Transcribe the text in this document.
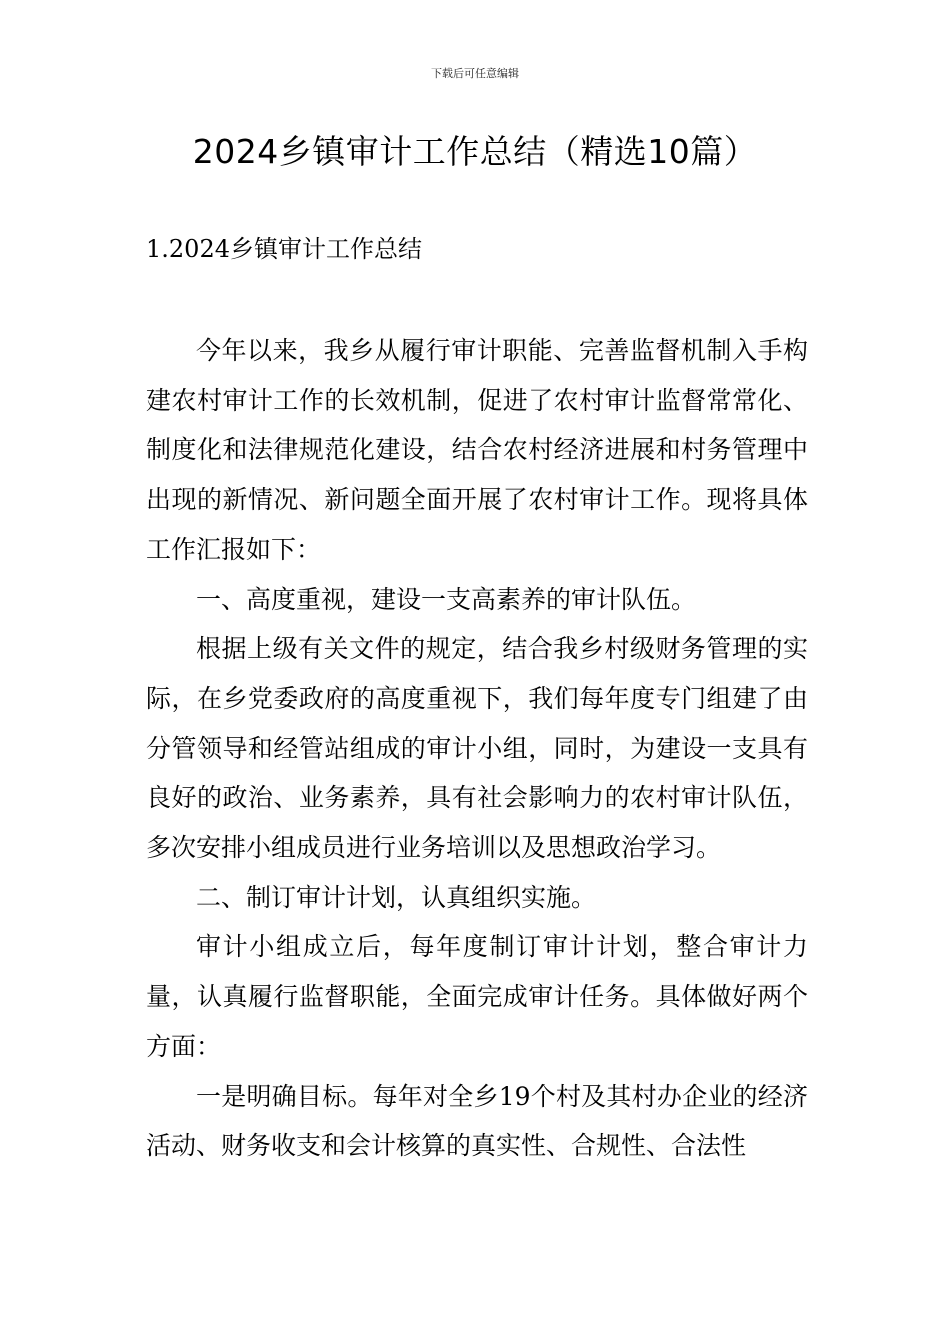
下载后可任意编辑
2024乡镇审计工作总结（精选10篇）
1.2024乡镇审计工作总结

今年以来，我乡从履行审计职能、完善监督机制入手构建农村审计工作的长效机制，促进了农村审计监督常常化、制度化和法律规范化建设，结合农村经济进展和村务管理中出现的新情况、新问题全面开展了农村审计工作。现将具体工作汇报如下：

一、高度重视，建设一支高素养的审计队伍。

根据上级有关文件的规定，结合我乡村级财务管理的实际，在乡党委政府的高度重视下，我们每年度专门组建了由分管领导和经管站组成的审计小组，同时，为建设一支具有良好的政治、业务素养，具有社会影响力的农村审计队伍，多次安排小组成员进行业务培训以及思想政治学习。

二、制订审计计划，认真组织实施。

审计小组成立后，每年度制订审计计划，整合审计力量，认真履行监督职能，全面完成审计任务。具体做好两个方面：

一是明确目标。每年对全乡19个村及其村办企业的经济活动、财务收支和会计核算的真实性、合规性、合法性
